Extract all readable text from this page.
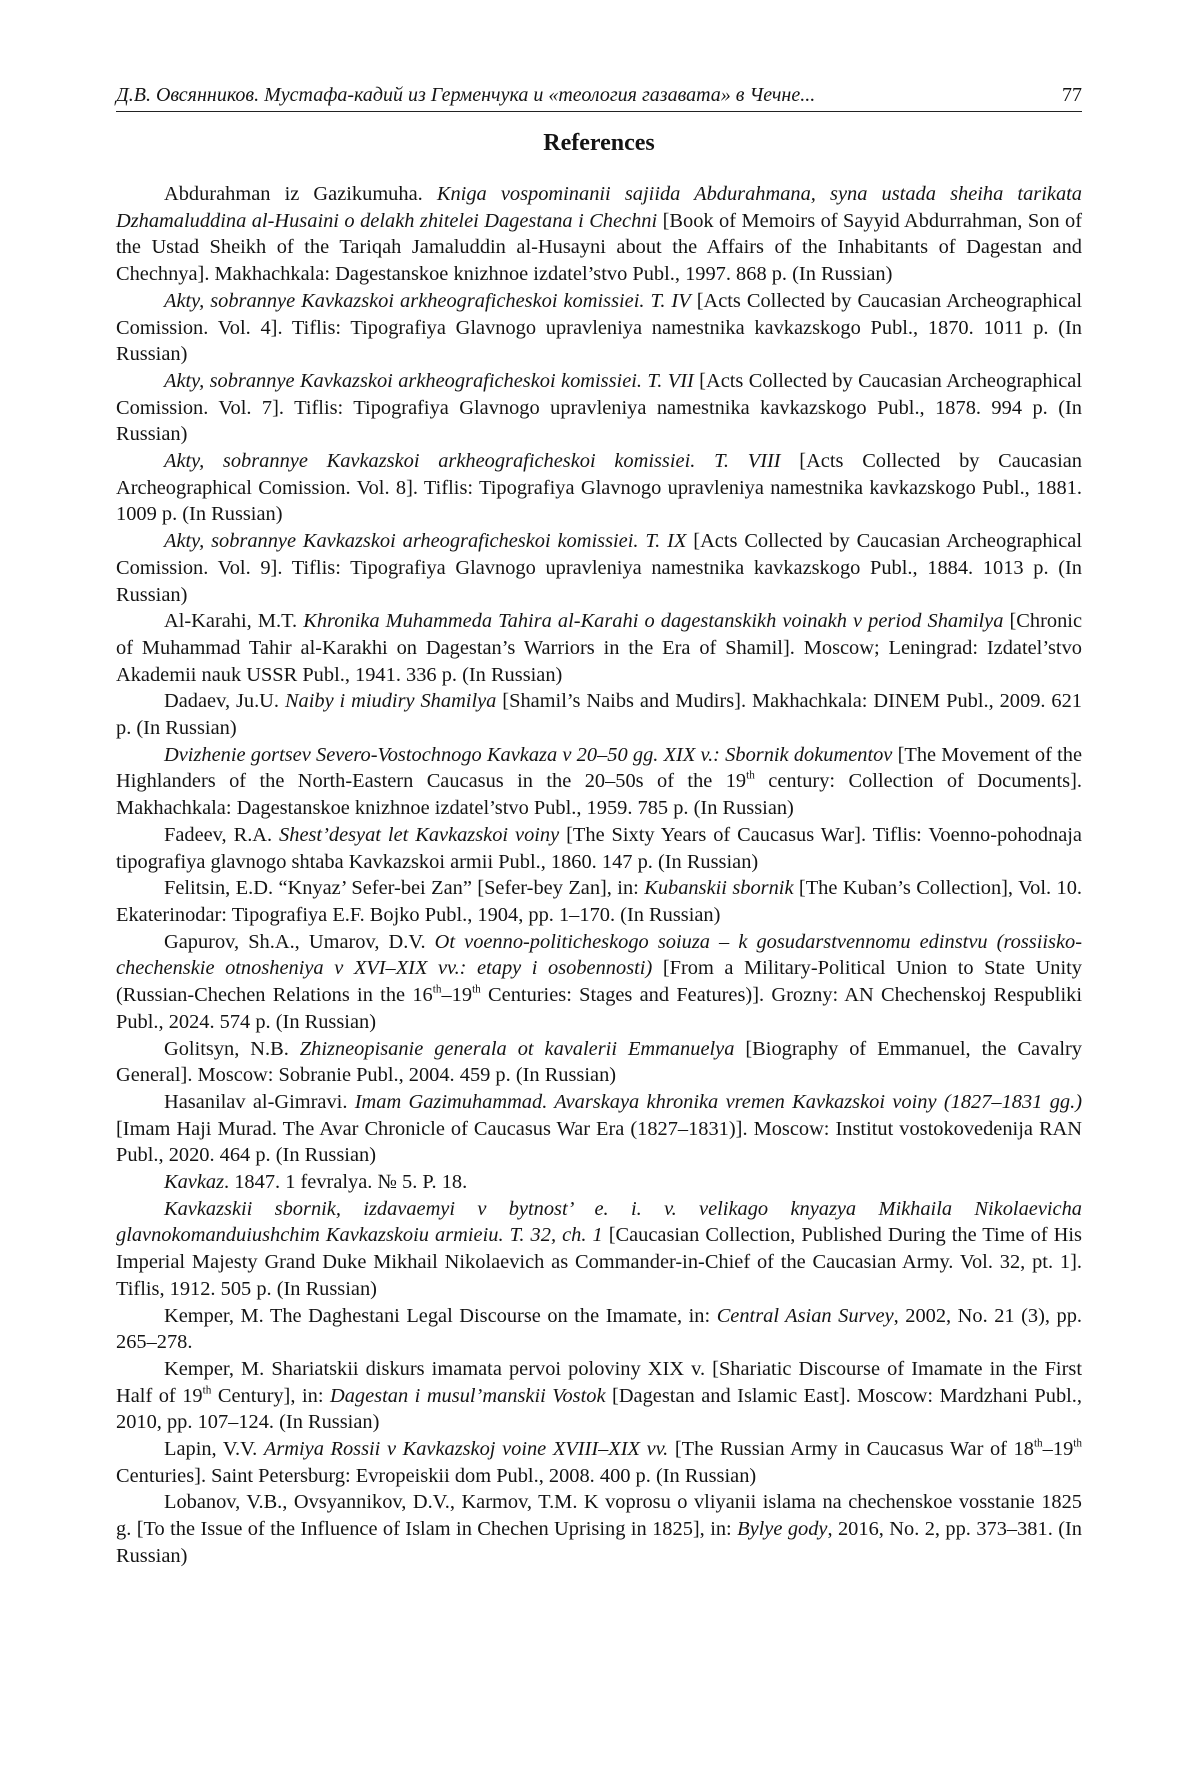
Д.В. Овсянников. Мустафа-кадий из Герменчука и «теология газавата» в Чечне...	77
References

Abdurahman iz Gazikumuha. Kniga vospominanii sajiida Abdurahmana, syna ustada sheiha tarikata Dzhamaluddina al-Husaini o delakh zhitelei Dagestana i Chechni [Book of Memoirs of Sayyid Abdurrahman, Son of the Ustad Sheikh of the Tariqah Jamaluddin al-Husayni about the Affairs of the Inhabitants of Dagestan and Chechnya]. Makhachkala: Dagestanskoe knizhnoe izdatel’stvo Publ., 1997. 868 p. (In Russian)

Akty, sobrannye Kavkazskoi arkheograficheskoi komissiei. T. IV [Acts Collected by Caucasian Archeographical Comission. Vol. 4]. Tiflis: Tipografiya Glavnogo upravleniya namestnika kavkazskogo Publ., 1870. 1011 p. (In Russian)

Akty, sobrannye Kavkazskoi arkheograficheskoi komissiei. T. VII [Acts Collected by Caucasian Archeographical Comission. Vol. 7]. Tiflis: Tipografiya Glavnogo upravleniya namestnika kavkazskogo Publ., 1878. 994 p. (In Russian)

Akty, sobrannye Kavkazskoi arkheograficheskoi komissiei. T. VIII [Acts Collected by Caucasian Archeographical Comission. Vol. 8]. Tiflis: Tipografiya Glavnogo upravleniya namestnika kavkazskogo Publ., 1881. 1009 p. (In Russian)

Akty, sobrannye Kavkazskoi arheograficheskoi komissiei. T. IX [Acts Collected by Caucasian Archeographical Comission. Vol. 9]. Tiflis: Tipografiya Glavnogo upravleniya namestnika kavkazskogo Publ., 1884. 1013 p. (In Russian)

Al-Karahi, M.T. Khronika Muhammeda Tahira al-Karahi o dagestanskikh voinakh v period Shamilya [Chronic of Muhammad Tahir al-Karakhi on Dagestan’s Warriors in the Era of Shamil]. Moscow; Leningrad: Izdatel’stvo Akademii nauk USSR Publ., 1941. 336 p. (In Russian)

Dadaev, Ju.U. Naiby i miudiry Shamilya [Shamil’s Naibs and Mudirs]. Makhachkala: DINEM Publ., 2009. 621 p. (In Russian)

Dvizhenie gortsev Severo-Vostochnogo Kavkaza v 20–50 gg. XIX v.: Sbornik dokumentov [The Movement of the Highlanders of the North-Eastern Caucasus in the 20–50s of the 19th century: Collection of Documents]. Makhachkala: Dagestanskoe knizhnoe izdatel’stvo Publ., 1959. 785 p. (In Russian)

Fadeev, R.A. Shest’desyat let Kavkazskoi voiny [The Sixty Years of Caucasus War]. Tiflis: Voenno-pohodnaja tipografiya glavnogo shtaba Kavkazskoi armii Publ., 1860. 147 p. (In Russian)

Felitsin, E.D. “Knyaz’ Sefer-bei Zan” [Sefer-bey Zan], in: Kubanskii sbornik [The Kuban’s Collection], Vol. 10. Ekaterinodar: Tipografiya E.F. Bojko Publ., 1904, pp. 1–170. (In Russian)

Gapurov, Sh.A., Umarov, D.V. Ot voenno-politicheskogo soiuza – k gosudarstvennomu edinstvu (rossiisko-chechenskie otnosheniya v XVI–XIX vv.: etapy i osobennosti) [From a Military-Political Union to State Unity (Russian-Chechen Relations in the 16th–19th Centuries: Stages and Features)]. Grozny: AN Chechenskoj Respubliki Publ., 2024. 574 p. (In Russian)

Golitsyn, N.B. Zhizneopisanie generala ot kavalerii Emmanuelya [Biography of Emmanuel, the Cavalry General]. Moscow: Sobranie Publ., 2004. 459 p. (In Russian)

Hasanilav al-Gimravi. Imam Gazimuhammad. Avarskaya khronika vremen Kavkazskoi voiny (1827–1831 gg.) [Imam Haji Murad. The Avar Chronicle of Caucasus War Era (1827–1831)]. Moscow: Institut vostokovedenija RAN Publ., 2020. 464 p. (In Russian)

Kavkaz. 1847. 1 fevralya. № 5. P. 18.

Kavkazskii sbornik, izdavaemyi v bytnost’ e. i. v. velikago knyazya Mikhaila Nikolaevicha glavnokomanduiushchim Kavkazskoiu armieiu. T. 32, ch. 1 [Caucasian Collection, Published During the Time of His Imperial Majesty Grand Duke Mikhail Nikolaevich as Commander-in-Chief of the Caucasian Army. Vol. 32, pt. 1]. Tiflis, 1912. 505 p. (In Russian)

Kemper, M. The Daghestani Legal Discourse on the Imamate, in: Central Asian Survey, 2002, No. 21 (3), pp. 265–278.

Kemper, M. Shariatskii diskurs imamata pervoi poloviny XIX v. [Shariatic Discourse of Imamate in the First Half of 19th Century], in: Dagestan i musul’manskii Vostok [Dagestan and Islamic East]. Moscow: Mardzhani Publ., 2010, pp. 107–124. (In Russian)

Lapin, V.V. Armiya Rossii v Kavkazskoj voine XVIII–XIX vv. [The Russian Army in Caucasus War of 18th–19th Centuries]. Saint Petersburg: Evropeiskii dom Publ., 2008. 400 p. (In Russian)

Lobanov, V.B., Ovsyannikov, D.V., Karmov, T.M. K voprosu o vliyanii islama na chechenskoe vosstanie 1825 g. [To the Issue of the Influence of Islam in Chechen Uprising in 1825], in: Bylye gody, 2016, No. 2, pp. 373–381. (In Russian)
